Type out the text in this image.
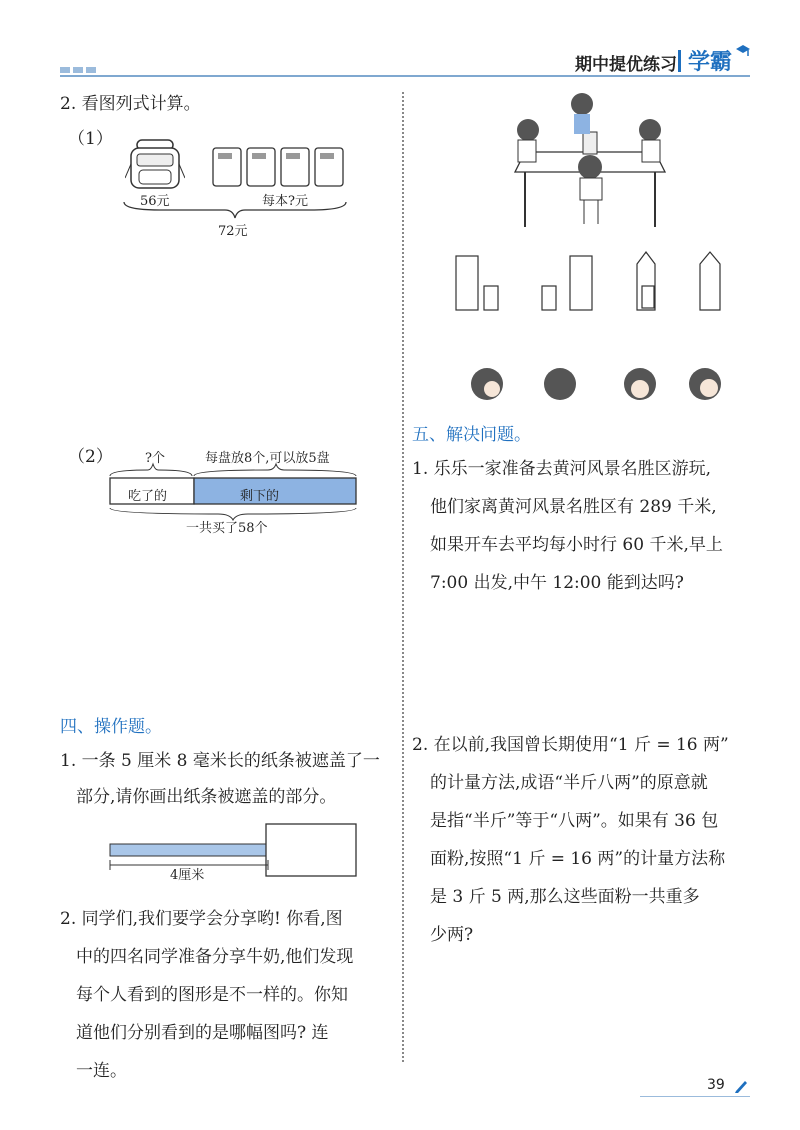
期中提优练习 学霸
2. 看图列式计算。
（1）
56元	每本?元
72元
（2） ?个	每盘放8个,可以放5盘
吃了的	剩下的
一共买了58个
四、操作题。
1. 一条 5 厘米 8 毫米长的纸条被遮盖了一
部分,请你画出纸条被遮盖的部分。
4厘米
2. 同学们,我们要学会分享哟! 你看,图
中的四名同学准备分享牛奶,他们发现
每个人看到的图形是不一样的。你知
道他们分别看到的是哪幅图吗? 连
一连。
五、解决问题。
1. 乐乐一家准备去黄河风景名胜区游玩,
他们家离黄河风景名胜区有 289 千米,
如果开车去平均每小时行 60 千米,早上
7:00 出发,中午 12:00 能到达吗?
2. 在以前,我国曾长期使用“1 斤 = 16 两”
的计量方法,成语“半斤八两”的原意就
是指“半斤”等于“八两”。如果有 36 包
面粉,按照“1 斤 = 16 两”的计量方法称
是 3 斤 5 两,那么这些面粉一共重多
少两?
39
